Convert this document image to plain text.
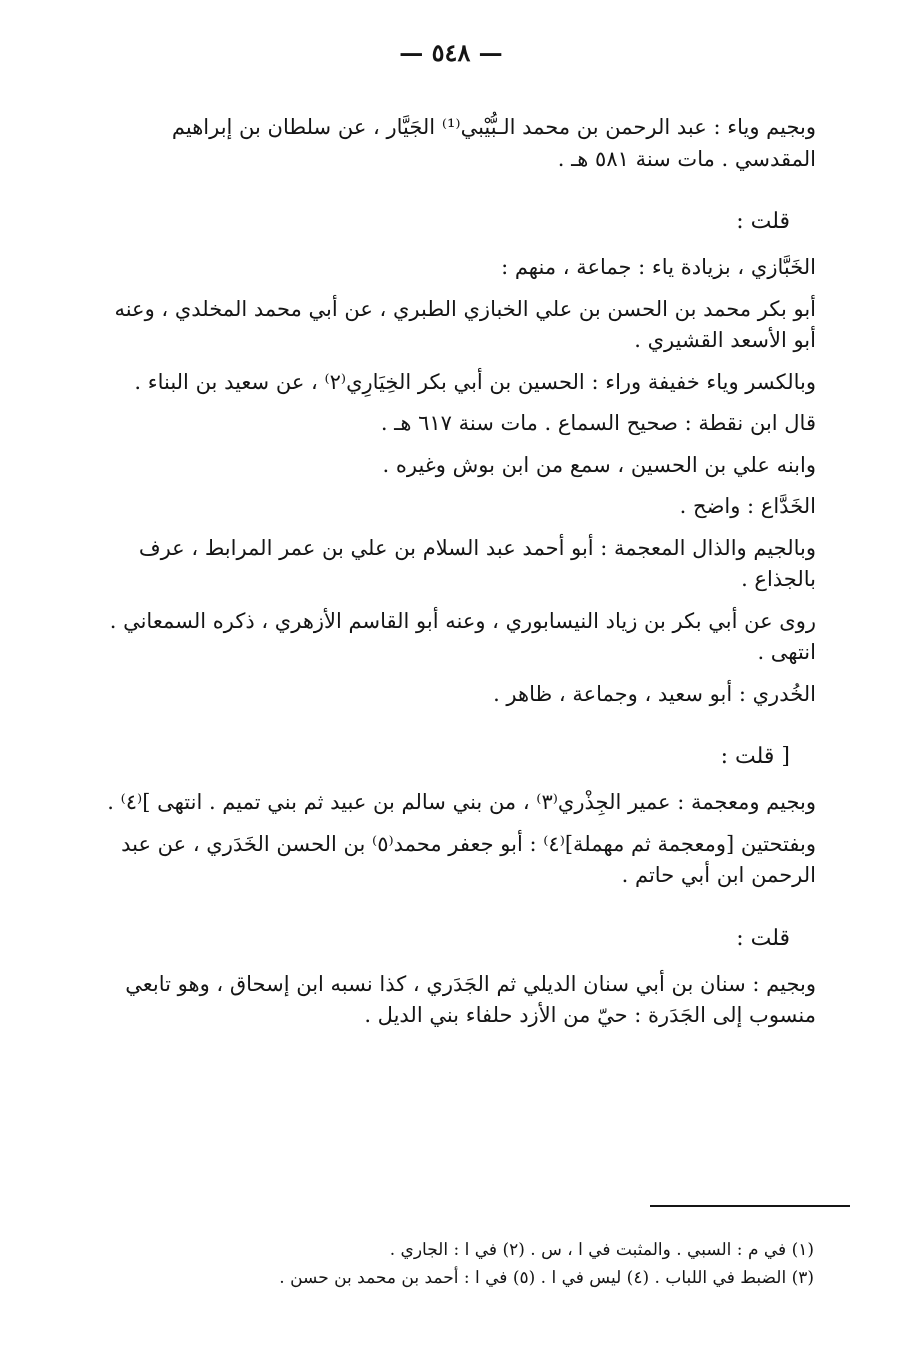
— ٥٤٨ —

وبجيم وياء : عبد الرحمن بن محمد الـبُّيْبي⁽¹⁾ الجَيَّار ، عن سلطان بن إبراهيم المقدسي . مات سنة ٥٨١ هـ .

قلت :

الخَبَّازي ، بزيادة ياء : جماعة ، منهم :

أبو بكر محمد بن الحسن بن علي الخبازي الطبري ، عن أبي محمد المخلدي ، وعنه أبو الأسعد القشيري .

وبالكسر وياء خفيفة وراء : الحسين بن أبي بكر الخِيَارِي⁽٢⁾ ، عن سعيد بن البناء .

قال ابن نقطة : صحيح السماع . مات سنة ٦١٧ هـ .

وابنه علي بن الحسين ، سمع من ابن بوش وغيره .

الخَدَّاع : واضح .

وبالجيم والذال المعجمة : أبو أحمد عبد السلام بن علي بن عمر المرابط ، عرف بالجذاع .

روى عن أبي بكر بن زياد النيسابوري ، وعنه أبو القاسم الأزهري ، ذكره السمعاني . انتهى .

الخُدري : أبو سعيد ، وجماعة ، ظاهر .

[ قلت :

وبجيم ومعجمة : عمير الجِذْري⁽٣⁾ ، من بني سالم بن عبيد ثم بني تميم . انتهى ]⁽٤⁾ .

وبفتحتين [ومعجمة ثم مهملة]⁽٤⁾ : أبو جعفر محمد⁽٥⁾ بن الحسن الخَدَري ، عن عبد الرحمن ابن أبي حاتم .

قلت :

وبجيم : سنان بن أبي سنان الديلي ثم الجَدَري ، كذا نسبه ابن إسحاق ، وهو تابعي منسوب إلى الجَدَرة : حيّ من الأزد حلفاء بني الديل .

(١) في م : السبي . والمثبت في ا ، س . (٢) في ا : الجاري .

(٣) الضبط في اللباب . (٤) ليس في ا . (٥) في ا : أحمد بن محمد بن حسن .
